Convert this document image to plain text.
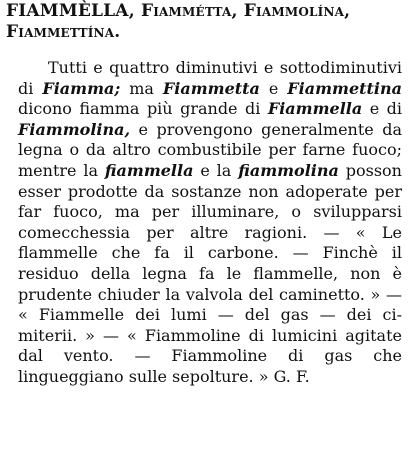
FIAMMÈLLA, Fiammétta, Fiammolína,
Fiammettína.

Tutti e quattro diminutivi e sottodiminutivi di Fiamma; ma Fiammetta e Fiammettina dicono fiamma più grande di Fiammella e di Fiammolina, e provengono generalmente da legna o da altro combustibile per farne fuoco; mentre la fiammella e la fiammolina posson esser prodotte da sostanze non adoperate per far fuoco, ma per illuminare, o svilupparsi comecchessia per altre ragioni. — « Le flammelle che fa il carbone. — Finchè il residuo della legna fa le flammelle, non è prudente chiuder la valvola del caminetto. » — « Fiammelle dei lumi — del gas — dei cimiterii. » — « Fiammoline di lumicini agitate dal vento. — Fiammoline di gas che lingueggiano sulle sepolture. » G. F.
